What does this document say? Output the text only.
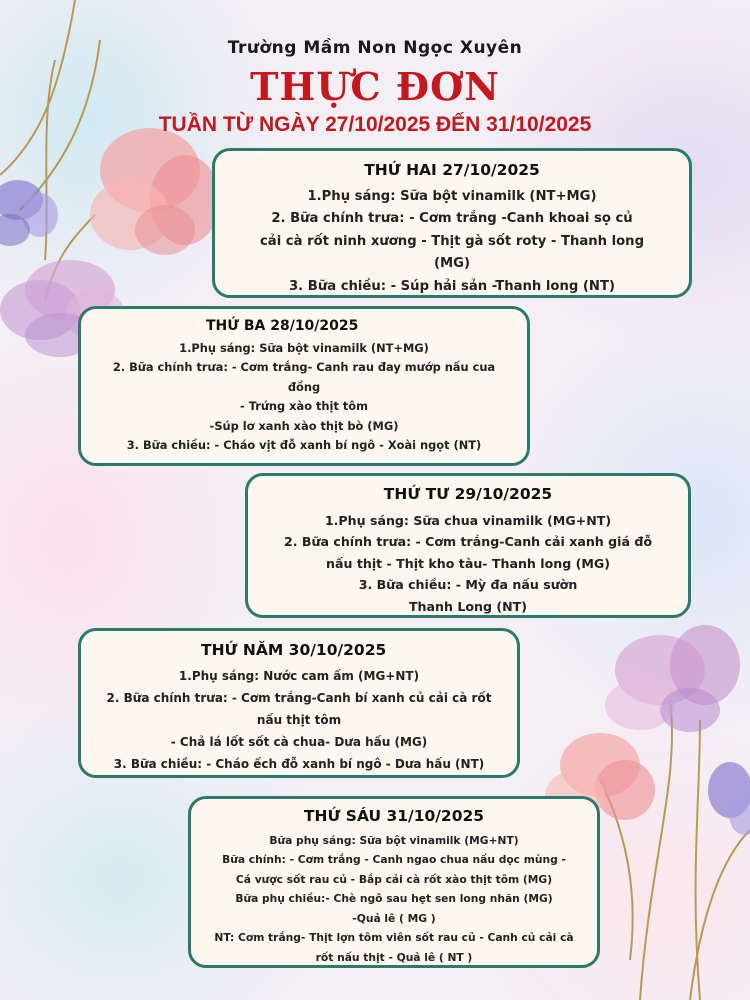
Trường Mầm Non Ngọc Xuyên
THỰC ĐƠN
TUẦN TỪ NGÀY 27/10/2025 ĐẾN 31/10/2025
THỨ HAI 27/10/2025
1.Phụ sáng: Sữa bột vinamilk (NT+MG)
2. Bữa chính trưa: - Cơm trắng -Canh khoai sọ củ
cải cà rốt ninh xương - Thịt gà sốt roty - Thanh long
(MG)
3. Bữa chiều: - Súp hải sản -Thanh long (NT)
THỨ BA 28/10/2025
1.Phụ sáng: Sữa bột vinamilk (NT+MG)
2. Bữa chính trưa: - Cơm trắng- Canh rau đay mướp nấu cua
đồng
- Trứng xào thịt tôm
-Súp lơ xanh xào thịt bò (MG)
3. Bữa chiều: - Cháo vịt đỗ xanh bí ngô - Xoài ngọt (NT)
THỨ TƯ 29/10/2025
1.Phụ sáng: Sữa chua vinamilk (MG+NT)
2. Bữa chính trưa: - Cơm trắng-Canh cải xanh giá đỗ
nấu thịt - Thịt kho tàu- Thanh long (MG)
3. Bữa chiều: - Mỳ đa nấu sườn
Thanh Long (NT)
THỨ NĂM 30/10/2025
1.Phụ sáng: Nước cam ấm (MG+NT)
2. Bữa chính trưa: - Cơm trắng-Canh bí xanh củ cải cà rốt
nấu thịt tôm
- Chả lá lốt sốt cà chua- Dưa hấu (MG)
3. Bữa chiều: - Cháo ếch đỗ xanh bí ngô - Dưa hấu (NT)
THỨ SÁU 31/10/2025
Bữa phụ sáng: Sữa bột vinamilk (MG+NT)
Bữa chính: - Cơm trắng - Canh ngao chua nấu dọc mùng -
Cá vược sốt rau củ - Bắp cải cà rốt xào thịt tôm (MG)
Bữa phụ chiều:- Chè ngô sau hẹt sen long nhãn (MG)
-Quả lê ( MG )
NT: Cơm trắng- Thịt lợn tôm viên sốt rau củ - Canh củ cải cà
rốt nấu thịt - Quả lê ( NT )
